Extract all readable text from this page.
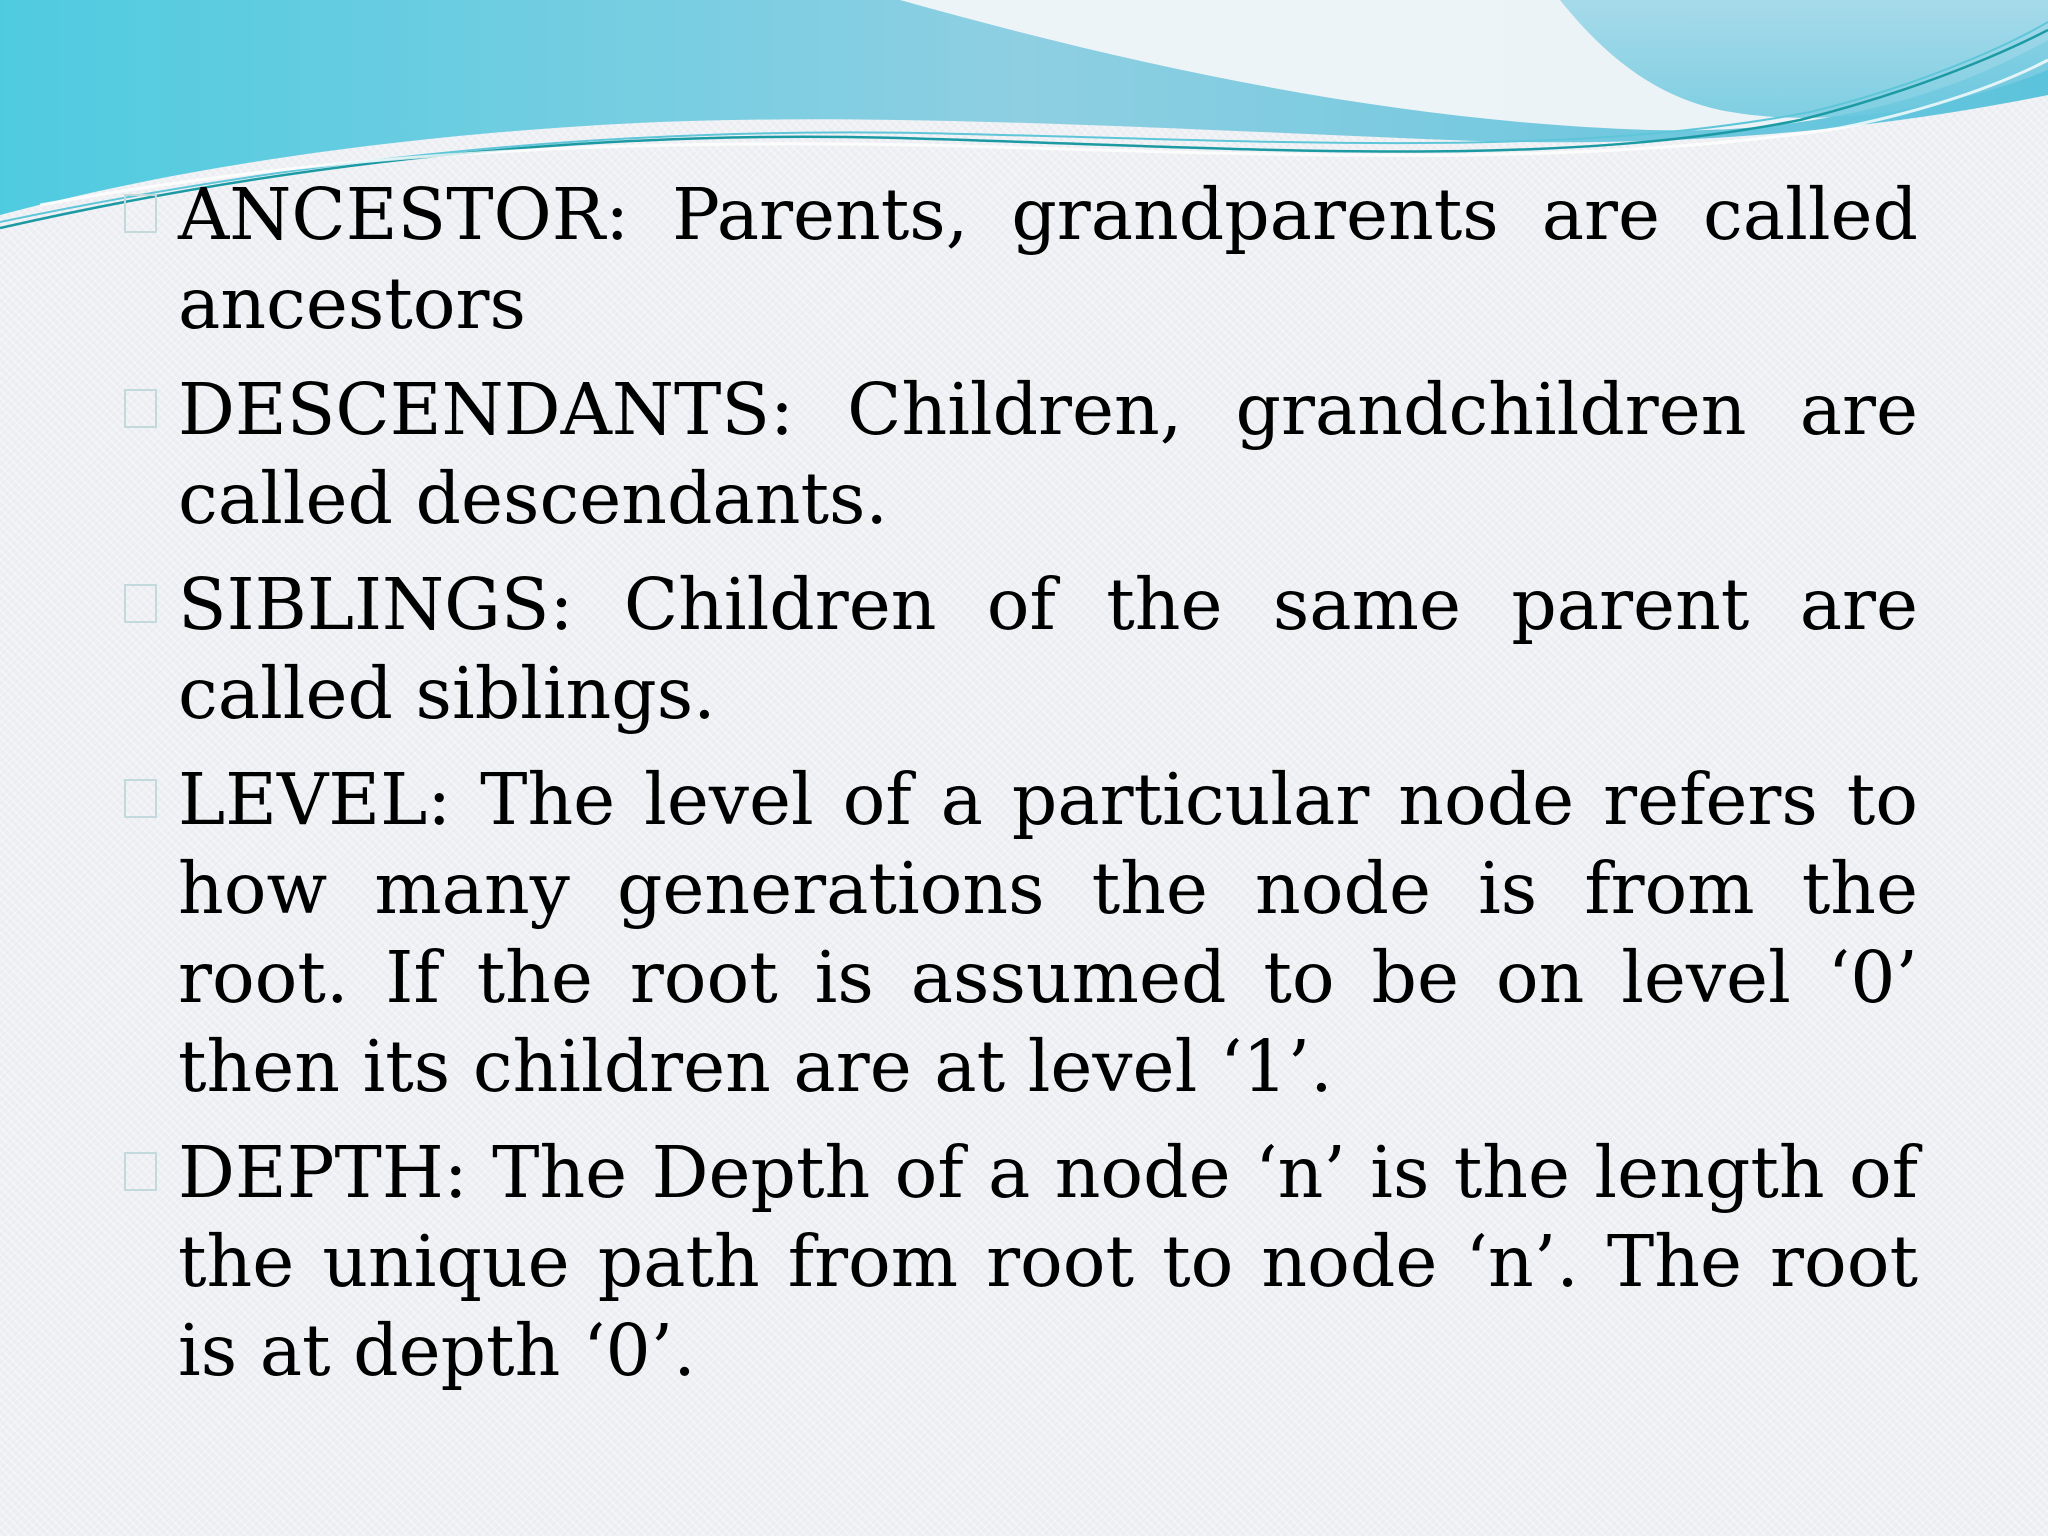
ANCESTOR: Parents, grandparents are called ancestors
DESCENDANTS: Children, grandchildren are called descendants.
SIBLINGS: Children of the same parent are called siblings.
LEVEL: The level of a particular node refers to how many generations the node is from the root. If the root is assumed to be on level ‘0’ then its children are at level ‘1’.
DEPTH: The Depth of a node ‘n’ is the length of the unique path from root to node ‘n’. The root is at depth ‘0’.
